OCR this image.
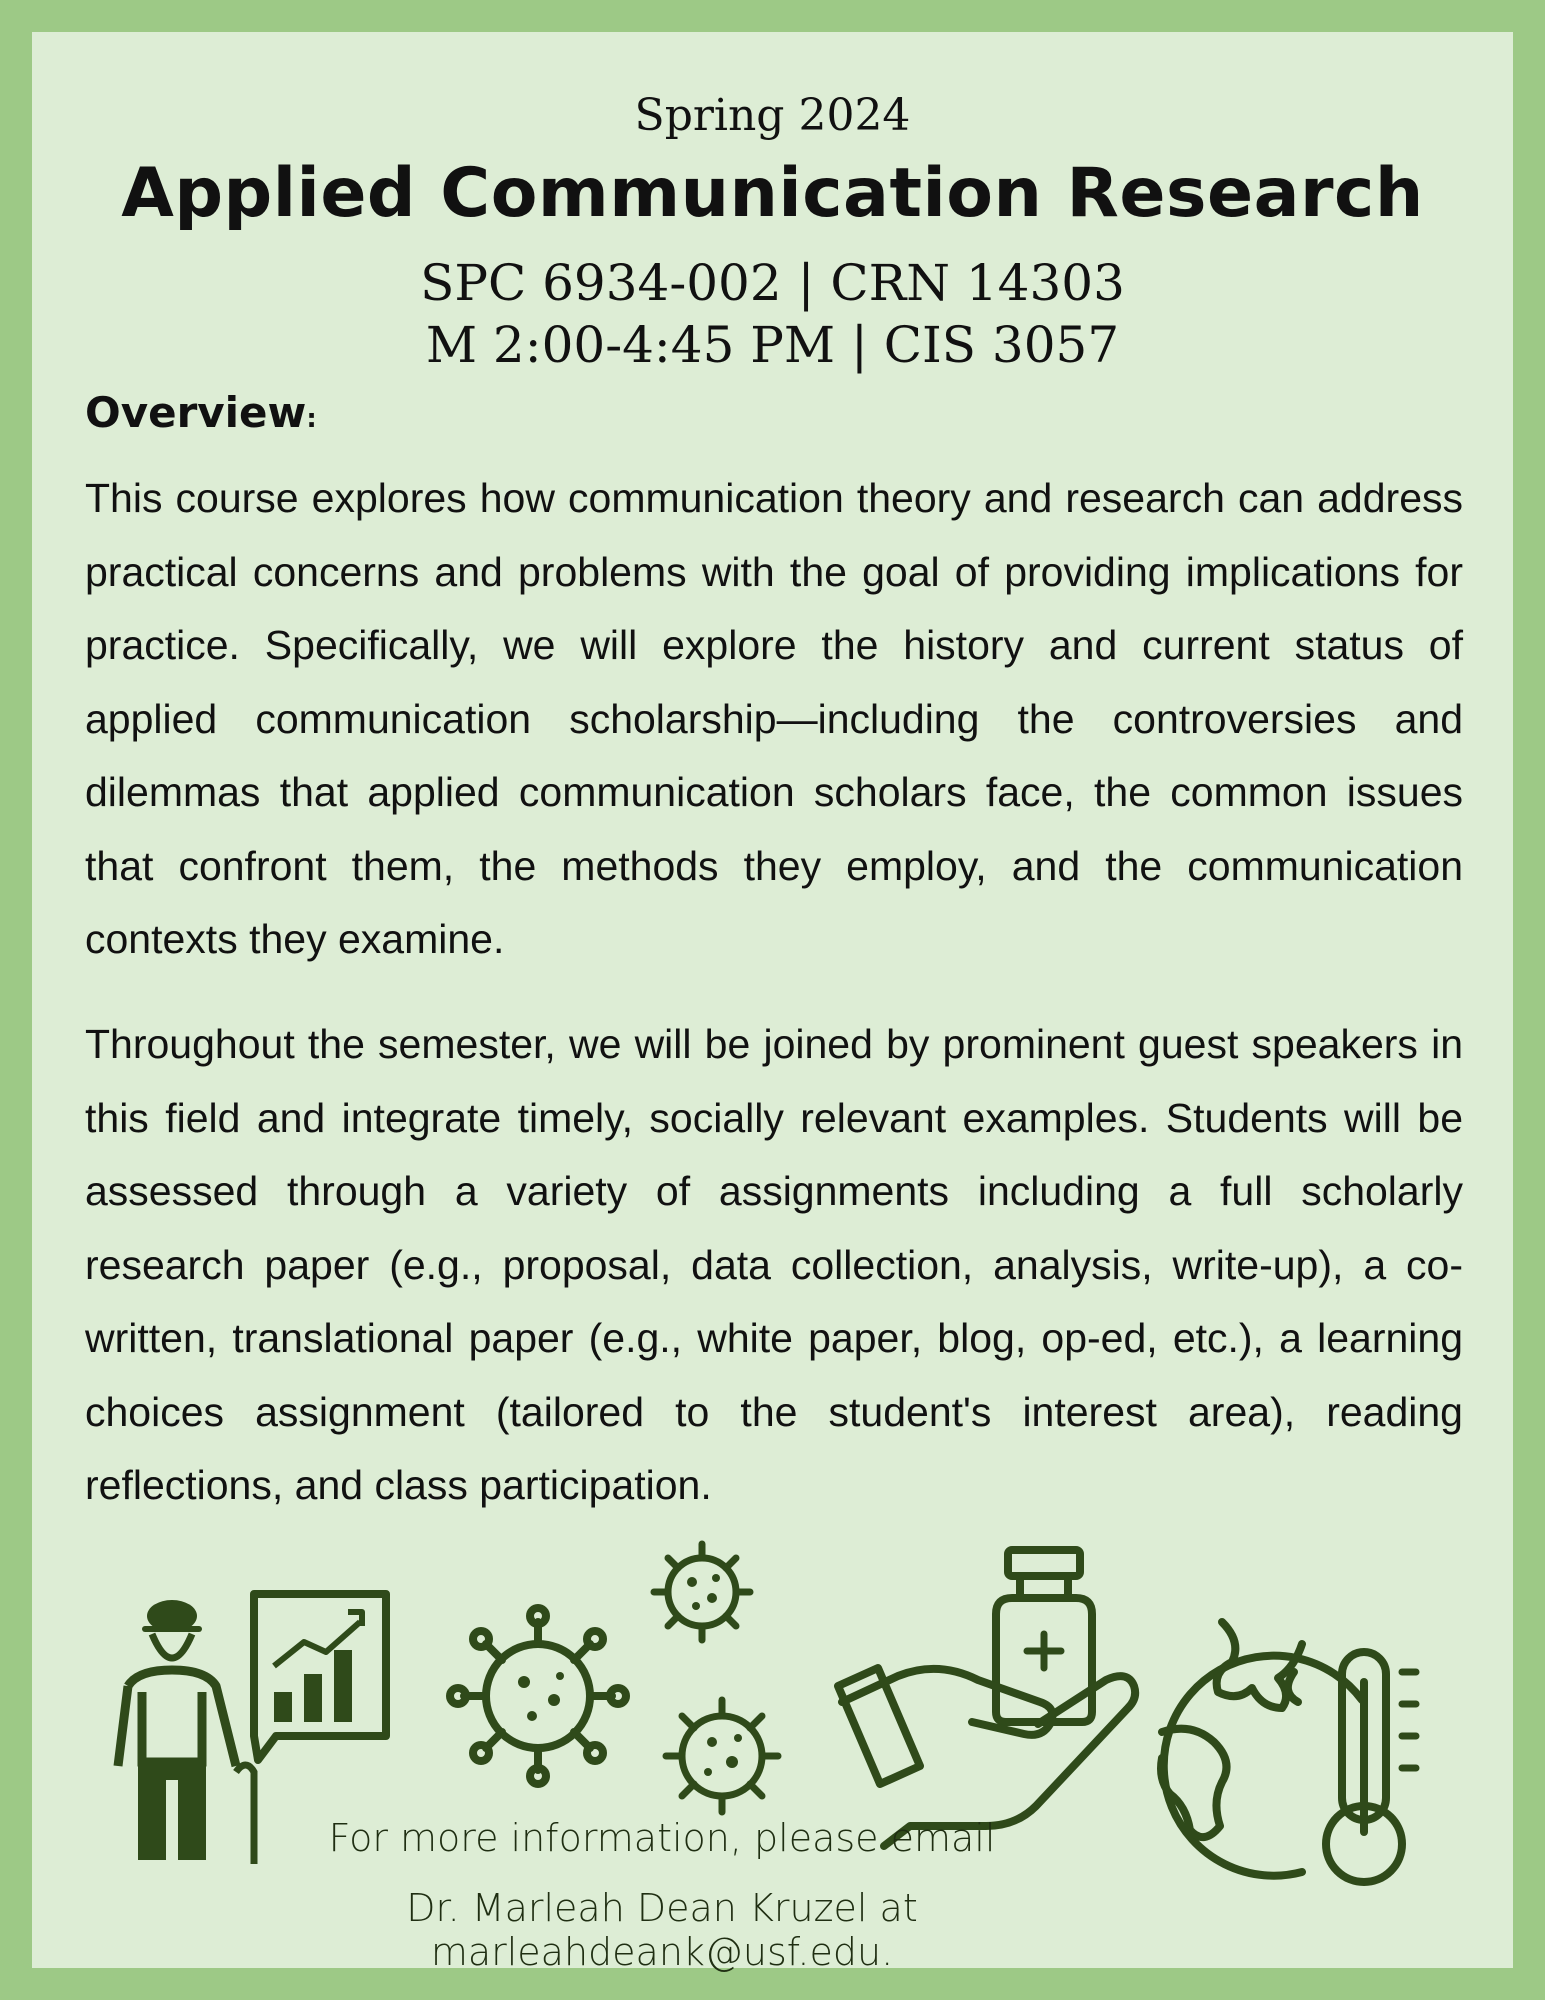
Spring 2024
Applied Communication Research
SPC 6934-002 | CRN 14303
M 2:00-4:45 PM | CIS 3057
Overview:
This course explores how communication theory and research can address practical concerns and problems with the goal of providing implications for practice. Specifically, we will explore the history and current status of applied communication scholarship—including the controversies and dilemmas that applied communication scholars face, the common issues that confront them, the methods they employ, and the communication contexts they examine.
Throughout the semester, we will be joined by prominent guest speakers in this field and integrate timely, socially relevant examples. Students will be assessed through a variety of assignments including a full scholarly research paper (e.g., proposal, data collection, analysis, write-up), a co-written, translational paper (e.g., white paper, blog, op-ed, etc.), a learning choices assignment (tailored to the student's interest area), reading reflections, and class participation.
For more information, please email
Dr. Marleah Dean Kruzel at marleahdeank@usf.edu.
